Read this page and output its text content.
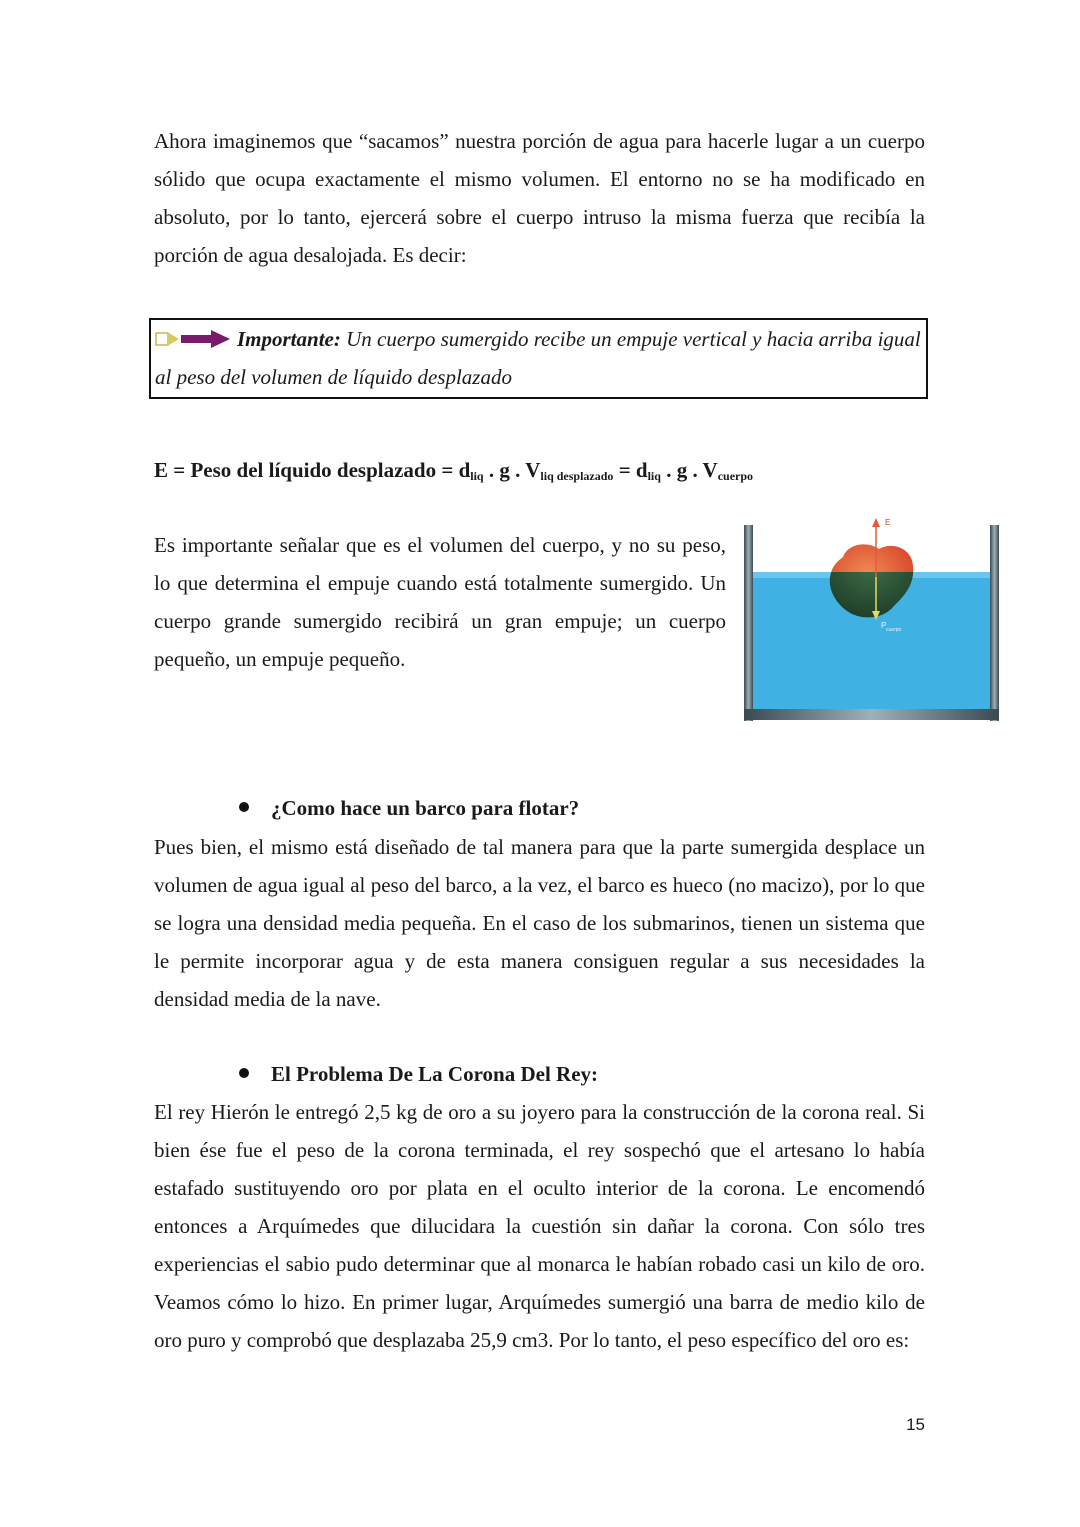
Ahora imaginemos que “sacamos” nuestra porción de agua para hacerle lugar a un cuerpo sólido que ocupa exactamente el mismo volumen. El entorno no se ha modificado en absoluto, por lo tanto, ejercerá sobre el cuerpo intruso la misma fuerza que recibía la porción de agua desalojada. Es decir:

Importante: Un cuerpo sumergido recibe un empuje vertical y hacia arriba igual al peso del volumen de líquido desplazado
E = Peso del líquido desplazado = $d_{liq}$ . g . $V_{liq desplazado} = d_{liq}$ . g . $V_{cuerpo}$

Es importante señalar que es el volumen del cuerpo, y no su peso, lo que determina el empuje cuando está totalmente sumergido. Un cuerpo grande sumergido recibirá un gran empuje; un cuerpo pequeño, un empuje pequeño.

E
P cuerpo
¿Como hace un barco para flotar?

Pues bien, el mismo está diseñado de tal manera para que la parte sumergida desplace un volumen de agua igual al peso del barco, a la vez, el barco es hueco (no macizo), por lo que se logra una densidad media pequeña. En el caso de los submarinos, tienen un sistema que le permite incorporar agua y de esta manera consiguen regular a sus necesidades la densidad media de la nave.

El Problema De La Corona Del Rey:

El rey Hierón le entregó 2,5 kg de oro a su joyero para la construcción de la corona real. Si bien ése fue el peso de la corona terminada, el rey sospechó que el artesano lo había estafado sustituyendo oro por plata en el oculto interior de la corona. Le encomendó entonces a Arquímedes que dilucidara la cuestión sin dañar la corona. Con sólo tres experiencias el sabio pudo determinar que al monarca le habían robado casi un kilo de oro. Veamos cómo lo hizo. En primer lugar, Arquímedes sumergió una barra de medio kilo de oro puro y comprobó que desplazaba 25,9 cm3. Por lo tanto, el peso específico del oro es:

15
